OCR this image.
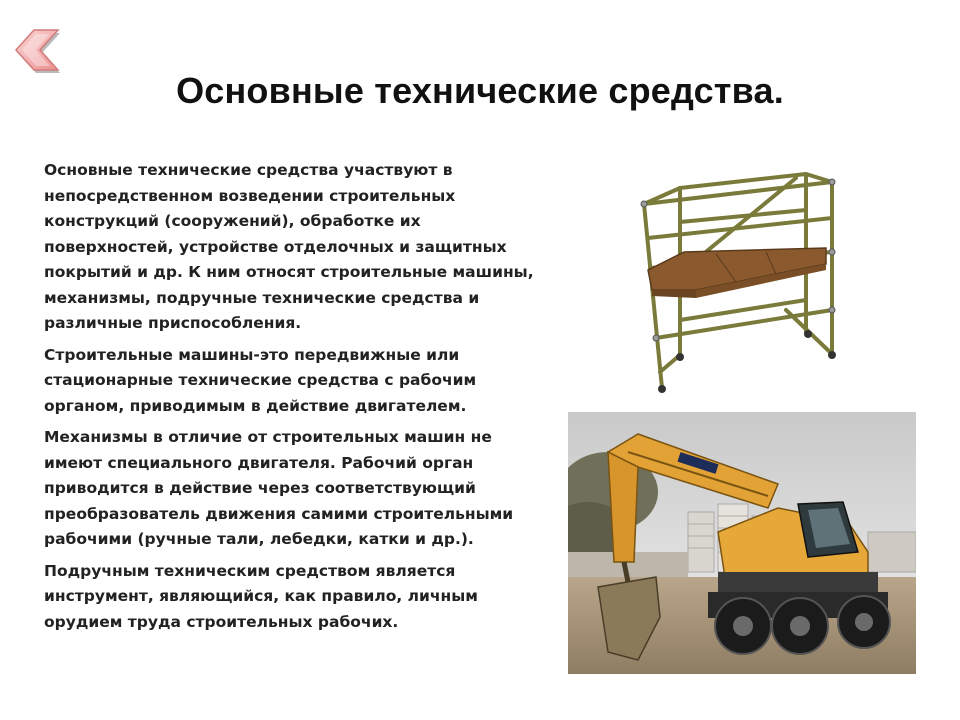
Основные технические средства.

Основные технические средства участвуют в непосредственном возведении строительных конструкций (сооружений), обработке их поверхностей, устройстве отделочных и защитных покрытий и др. К ним относят строительные машины, механизмы, подручные технические средства и различные приспособления.

Строительные машины-это передвижные или стационарные технические средства с рабочим органом, приводимым в действие двигателем.

Механизмы в отличие от строительных машин не имеют специального двигателя. Рабочий орган приводится в действие через соответствующий преобразователь движения самими строительными рабочими (ручные тали, лебедки, катки и др.).

Подручным техническим средством является инструмент, являющийся, как правило, личным орудием труда строительных рабочих.
